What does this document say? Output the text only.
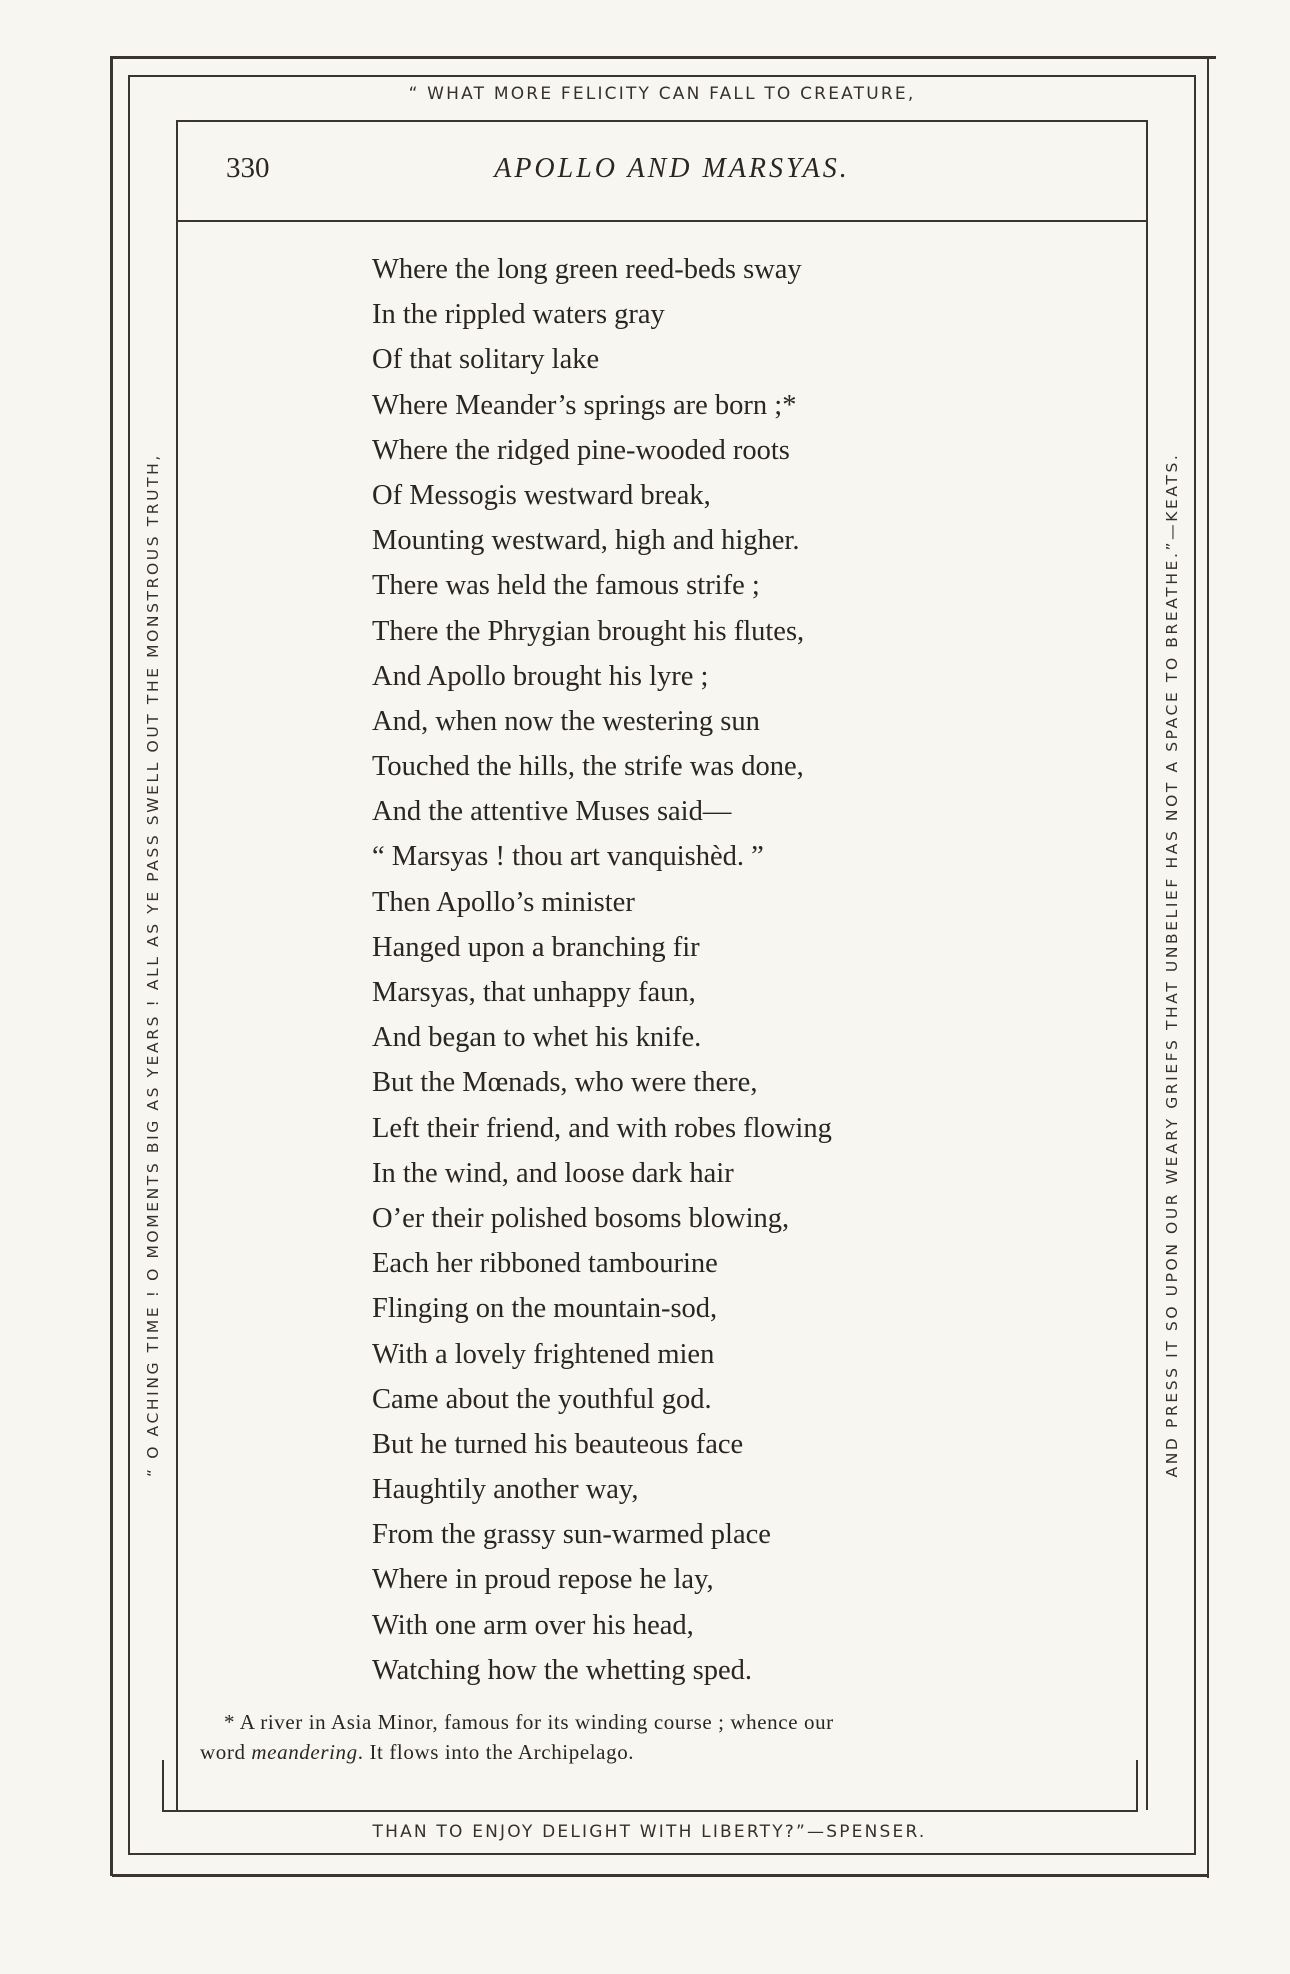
“ WHAT MORE FELICITY CAN FALL TO CREATURE,
THAN TO ENJOY DELIGHT WITH LIBERTY?”—SPENSER.
“ O ACHING TIME ! O MOMENTS BIG AS YEARS ! ALL AS YE PASS SWELL OUT THE MONSTROUS TRUTH,	AND PRESS IT SO UPON OUR WEARY GRIEFS THAT UNBELIEF HAS NOT A SPACE TO BREATHE.”—KEATS.
330	APOLLO AND MARSYAS.
Where the long green reed-beds sway
In the rippled waters gray
Of that solitary lake
Where Meander’s springs are born ;*
Where the ridged pine-wooded roots
Of Messogis westward break,
Mounting westward, high and higher.
There was held the famous strife ;
There the Phrygian brought his flutes,
And Apollo brought his lyre ;
And, when now the westering sun
Touched the hills, the strife was done,
And the attentive Muses said—
“ Marsyas ! thou art vanquishèd. ”
Then Apollo’s minister
Hanged upon a branching fir
Marsyas, that unhappy faun,
And began to whet his knife.
But the Mœnads, who were there,
Left their friend, and with robes flowing
In the wind, and loose dark hair
O’er their polished bosoms blowing,
Each her ribboned tambourine
Flinging on the mountain-sod,
With a lovely frightened mien
Came about the youthful god.
But he turned his beauteous face
Haughtily another way,
From the grassy sun-warmed place
Where in proud repose he lay,
With one arm over his head,
Watching how the whetting sped.
* A river in Asia Minor, famous for its winding course ; whence our
word meandering. It flows into the Archipelago.
